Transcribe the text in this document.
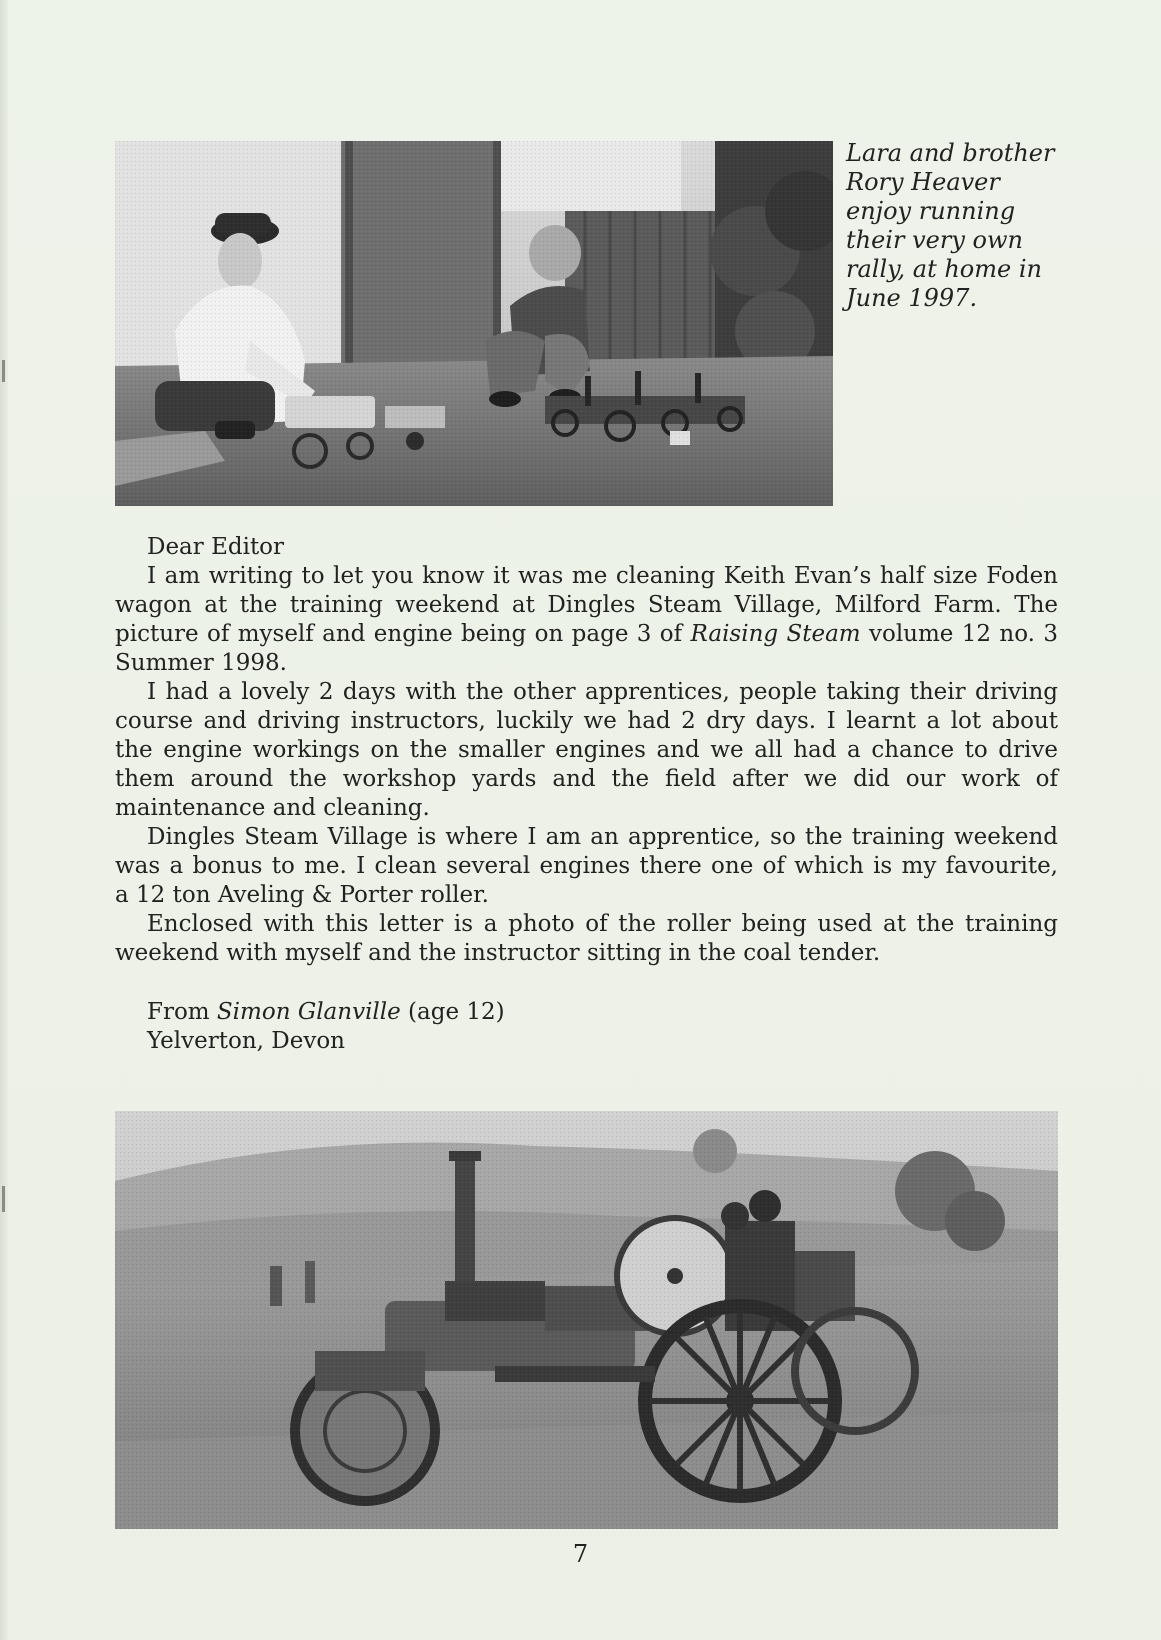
Lara and brother
Rory Heaver
enjoy running
their very own
rally, at home in
June 1997.
Dear Editor
I am writing to let you know it was me cleaning Keith Evan’s half size Foden
wagon at the training weekend at Dingles Steam Village, Milford Farm. The
picture of myself and engine being on page 3 of Raising Steam volume 12 no. 3
Summer 1998.
I had a lovely 2 days with the other apprentices, people taking their driving
course and driving instructors, luckily we had 2 dry days. I learnt a lot about
the engine workings on the smaller engines and we all had a chance to drive
them around the workshop yards and the field after we did our work of
maintenance and cleaning.
Dingles Steam Village is where I am an apprentice, so the training weekend
was a bonus to me. I clean several engines there one of which is my favourite,
a 12 ton Aveling & Porter roller.
Enclosed with this letter is a photo of the roller being used at the training
weekend with myself and the instructor sitting in the coal tender.
From Simon Glanville (age 12)
Yelverton, Devon
7
